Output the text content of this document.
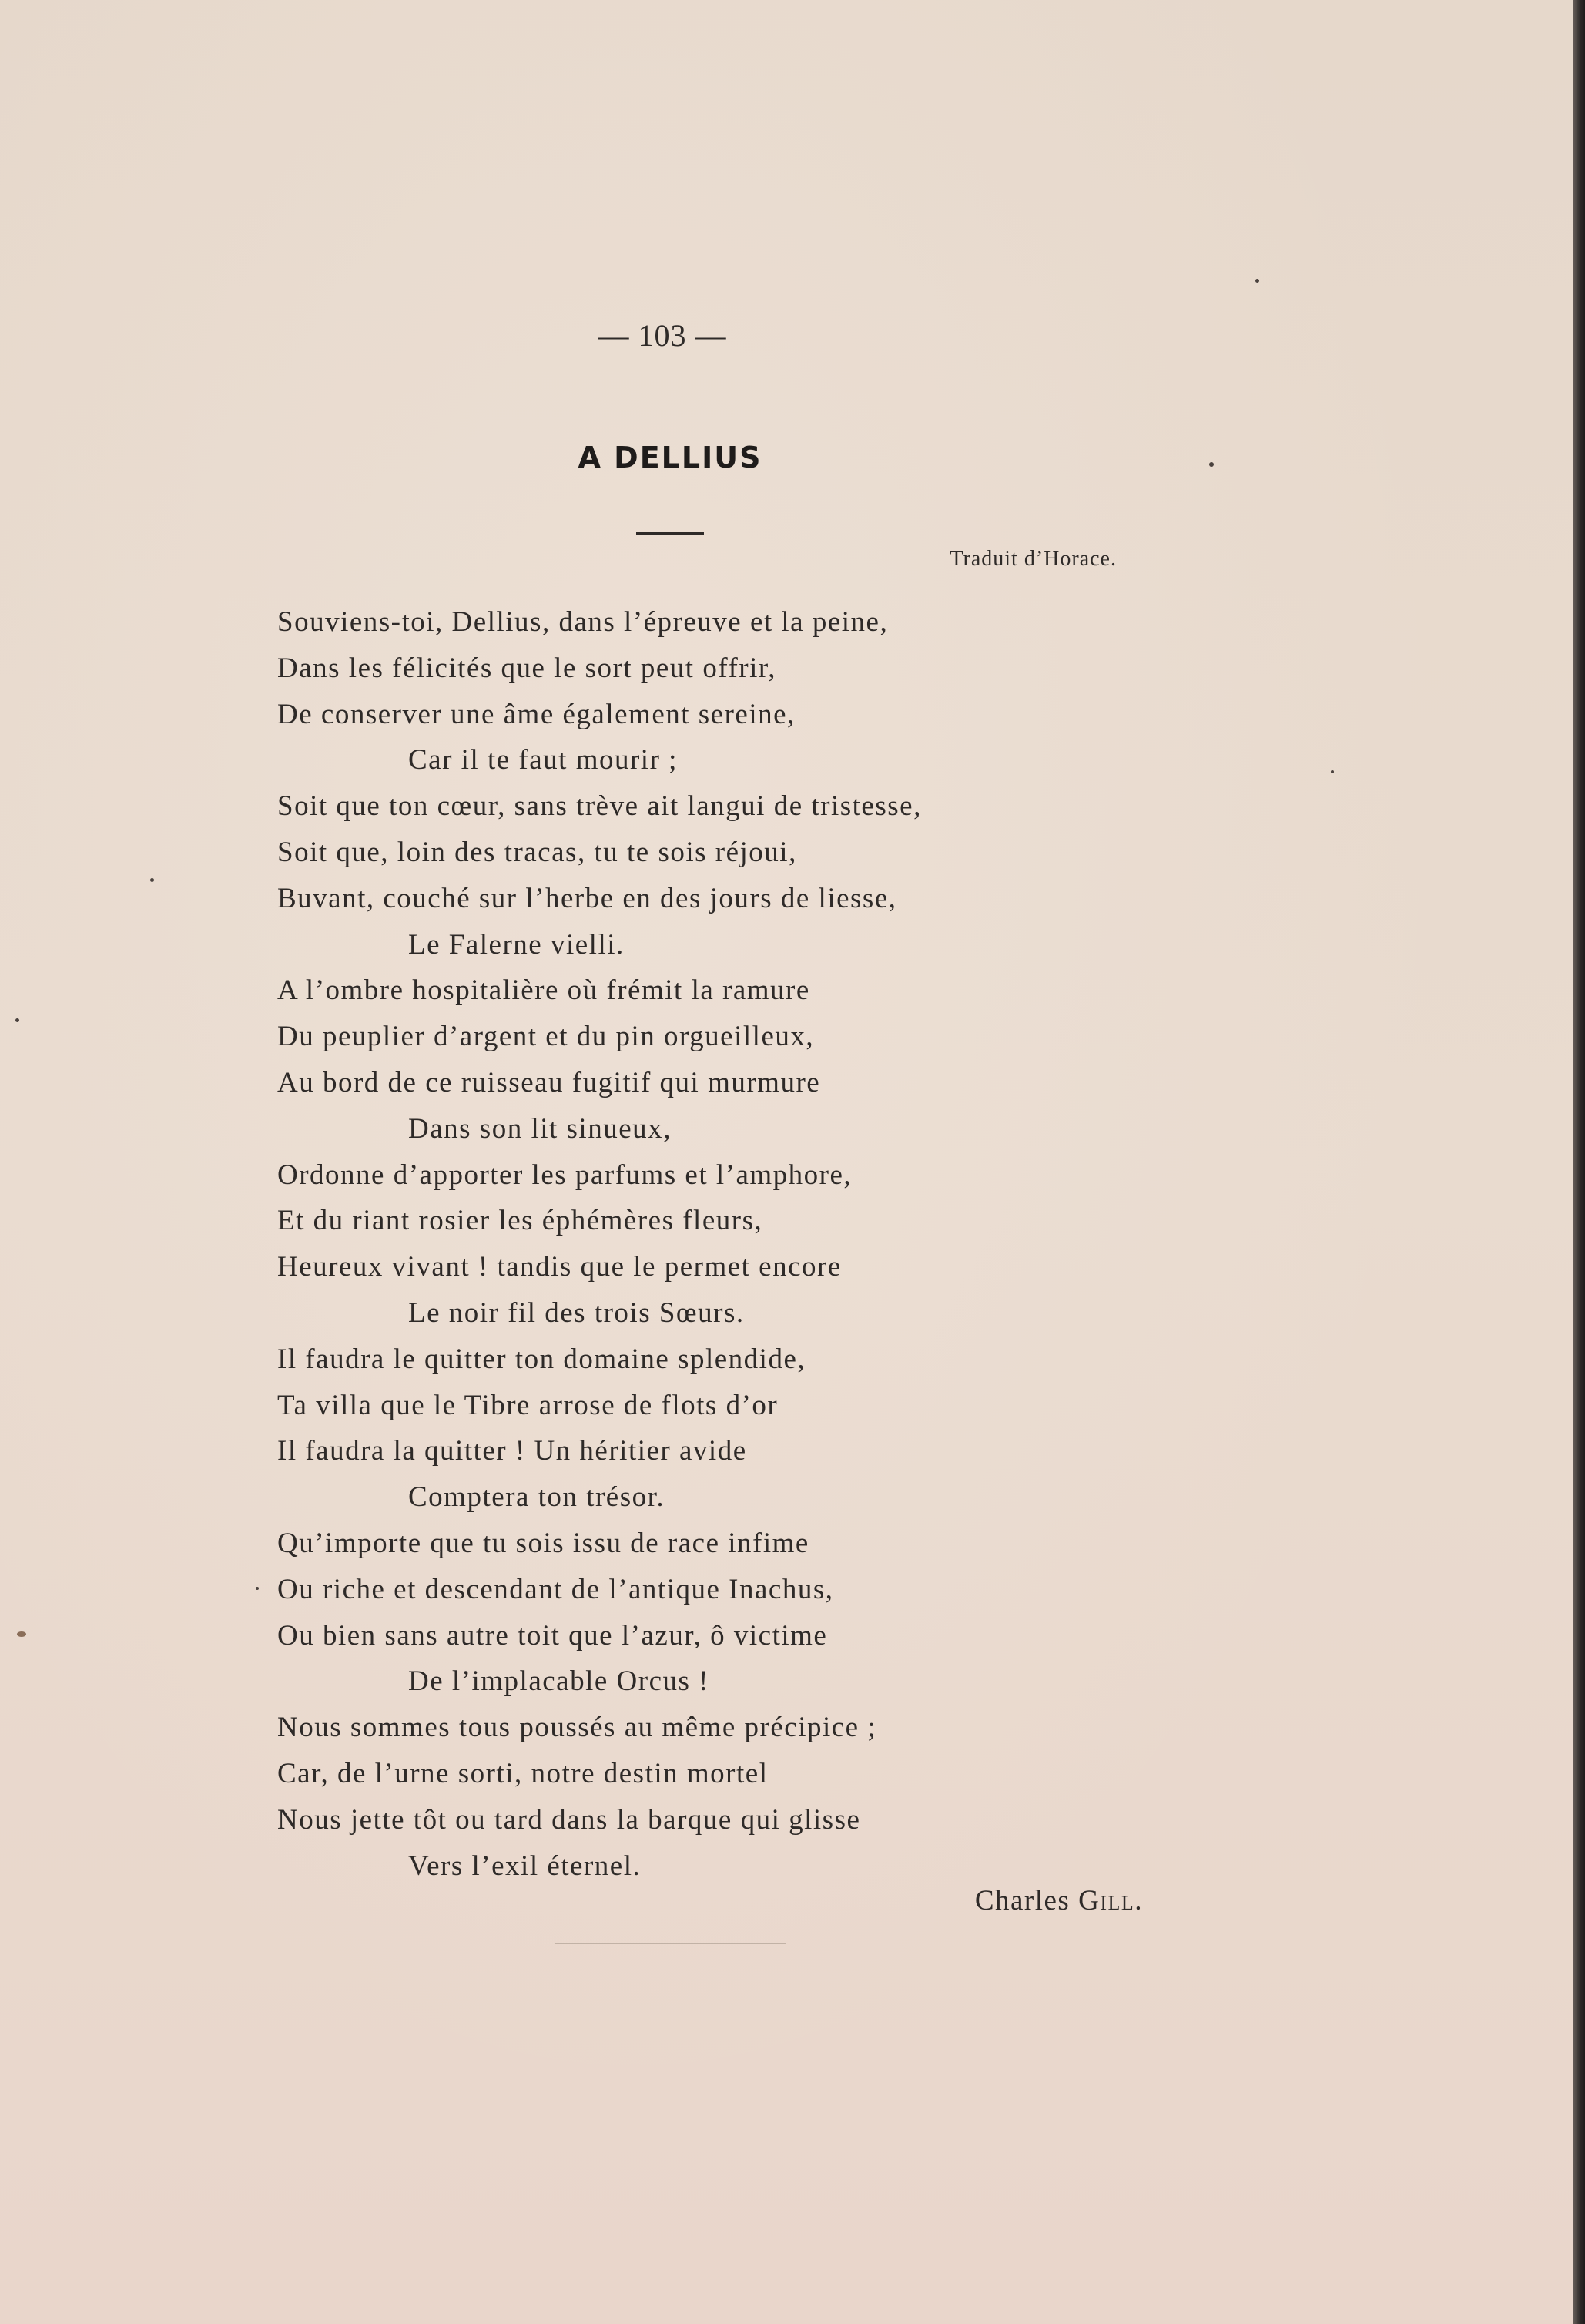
— 103 —
A DELLIUS
Traduit d’Horace.
Souviens-toi, Dellius, dans l’épreuve et la peine,
Dans les félicités que le sort peut offrir,
De conserver une âme également sereine,
Car il te faut mourir ;
Soit que ton cœur, sans trève ait langui de tristesse,
Soit que, loin des tracas, tu te sois réjoui,
Buvant, couché sur l’herbe en des jours de liesse,
Le Falerne vielli.
A l’ombre hospitalière où frémit la ramure
Du peuplier d’argent et du pin orgueilleux,
Au bord de ce ruisseau fugitif qui murmure
Dans son lit sinueux,
Ordonne d’apporter les parfums et l’amphore,
Et du riant rosier les éphémères fleurs,
Heureux vivant ! tandis que le permet encore
Le noir fil des trois Sœurs.
Il faudra le quitter ton domaine splendide,
Ta villa que le Tibre arrose de flots d’or
Il faudra la quitter ! Un héritier avide
Comptera ton trésor.
Qu’importe que tu sois issu de race infime
Ou riche et descendant de l’antique Inachus,
Ou bien sans autre toit que l’azur, ô victime
De l’implacable Orcus !
Nous sommes tous poussés au même précipice ;
Car, de l’urne sorti, notre destin mortel
Nous jette tôt ou tard dans la barque qui glisse
Vers l’exil éternel.
Charles Gill.
